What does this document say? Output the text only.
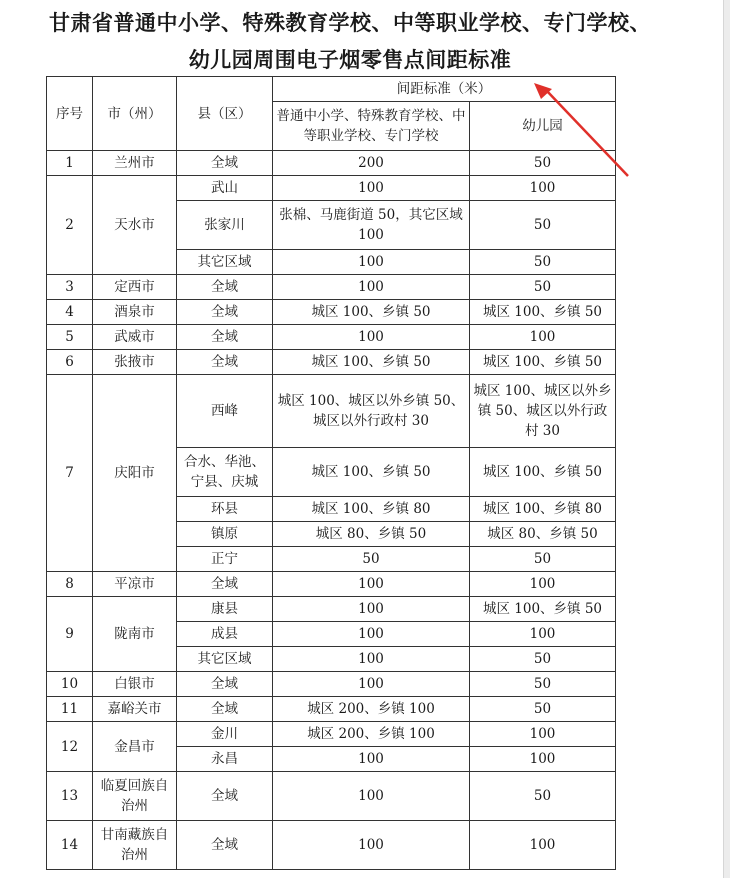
甘肃省普通中小学、特殊教育学校、中等职业学校、专门学校、
幼儿园周围电子烟零售点间距标准
序号	市（州）	县（区）	间距标准（米）	
			普通中小学、特殊教育学校、中等职业学校、专门学校	幼儿园
1	兰州市	全域	200	50
2	天水市	武山	100	100
		张家川	张棉、马鹿街道 50，其它区域 100	50
		其它区域	100	50
3	定西市	全域	100	50
4	酒泉市	全域	城区 100、乡镇 50	城区 100、乡镇 50
5	武威市	全域	100	100
6	张掖市	全域	城区 100、乡镇 50	城区 100、乡镇 50
7	庆阳市	西峰	城区 100、城区以外乡镇 50、城区以外行政村 30	城区 100、城区以外乡镇 50、城区以外行政村 30
		合水、华池、宁县、庆城	城区 100、乡镇 50	城区 100、乡镇 50
		环县	城区 100、乡镇 80	城区 100、乡镇 80
		镇原	城区 80、乡镇 50	城区 80、乡镇 50
		正宁	50	50
8	平凉市	全域	100	100
9	陇南市	康县	100	城区 100、乡镇 50
		成县	100	100
		其它区域	100	50
10	白银市	全域	100	50
11	嘉峪关市	全域	城区 200、乡镇 100	50
12	金昌市	金川	城区 200、乡镇 100	100
		永昌	100	100
13	临夏回族自治州	全域	100	50
14	甘南藏族自治州	全域	100	100
